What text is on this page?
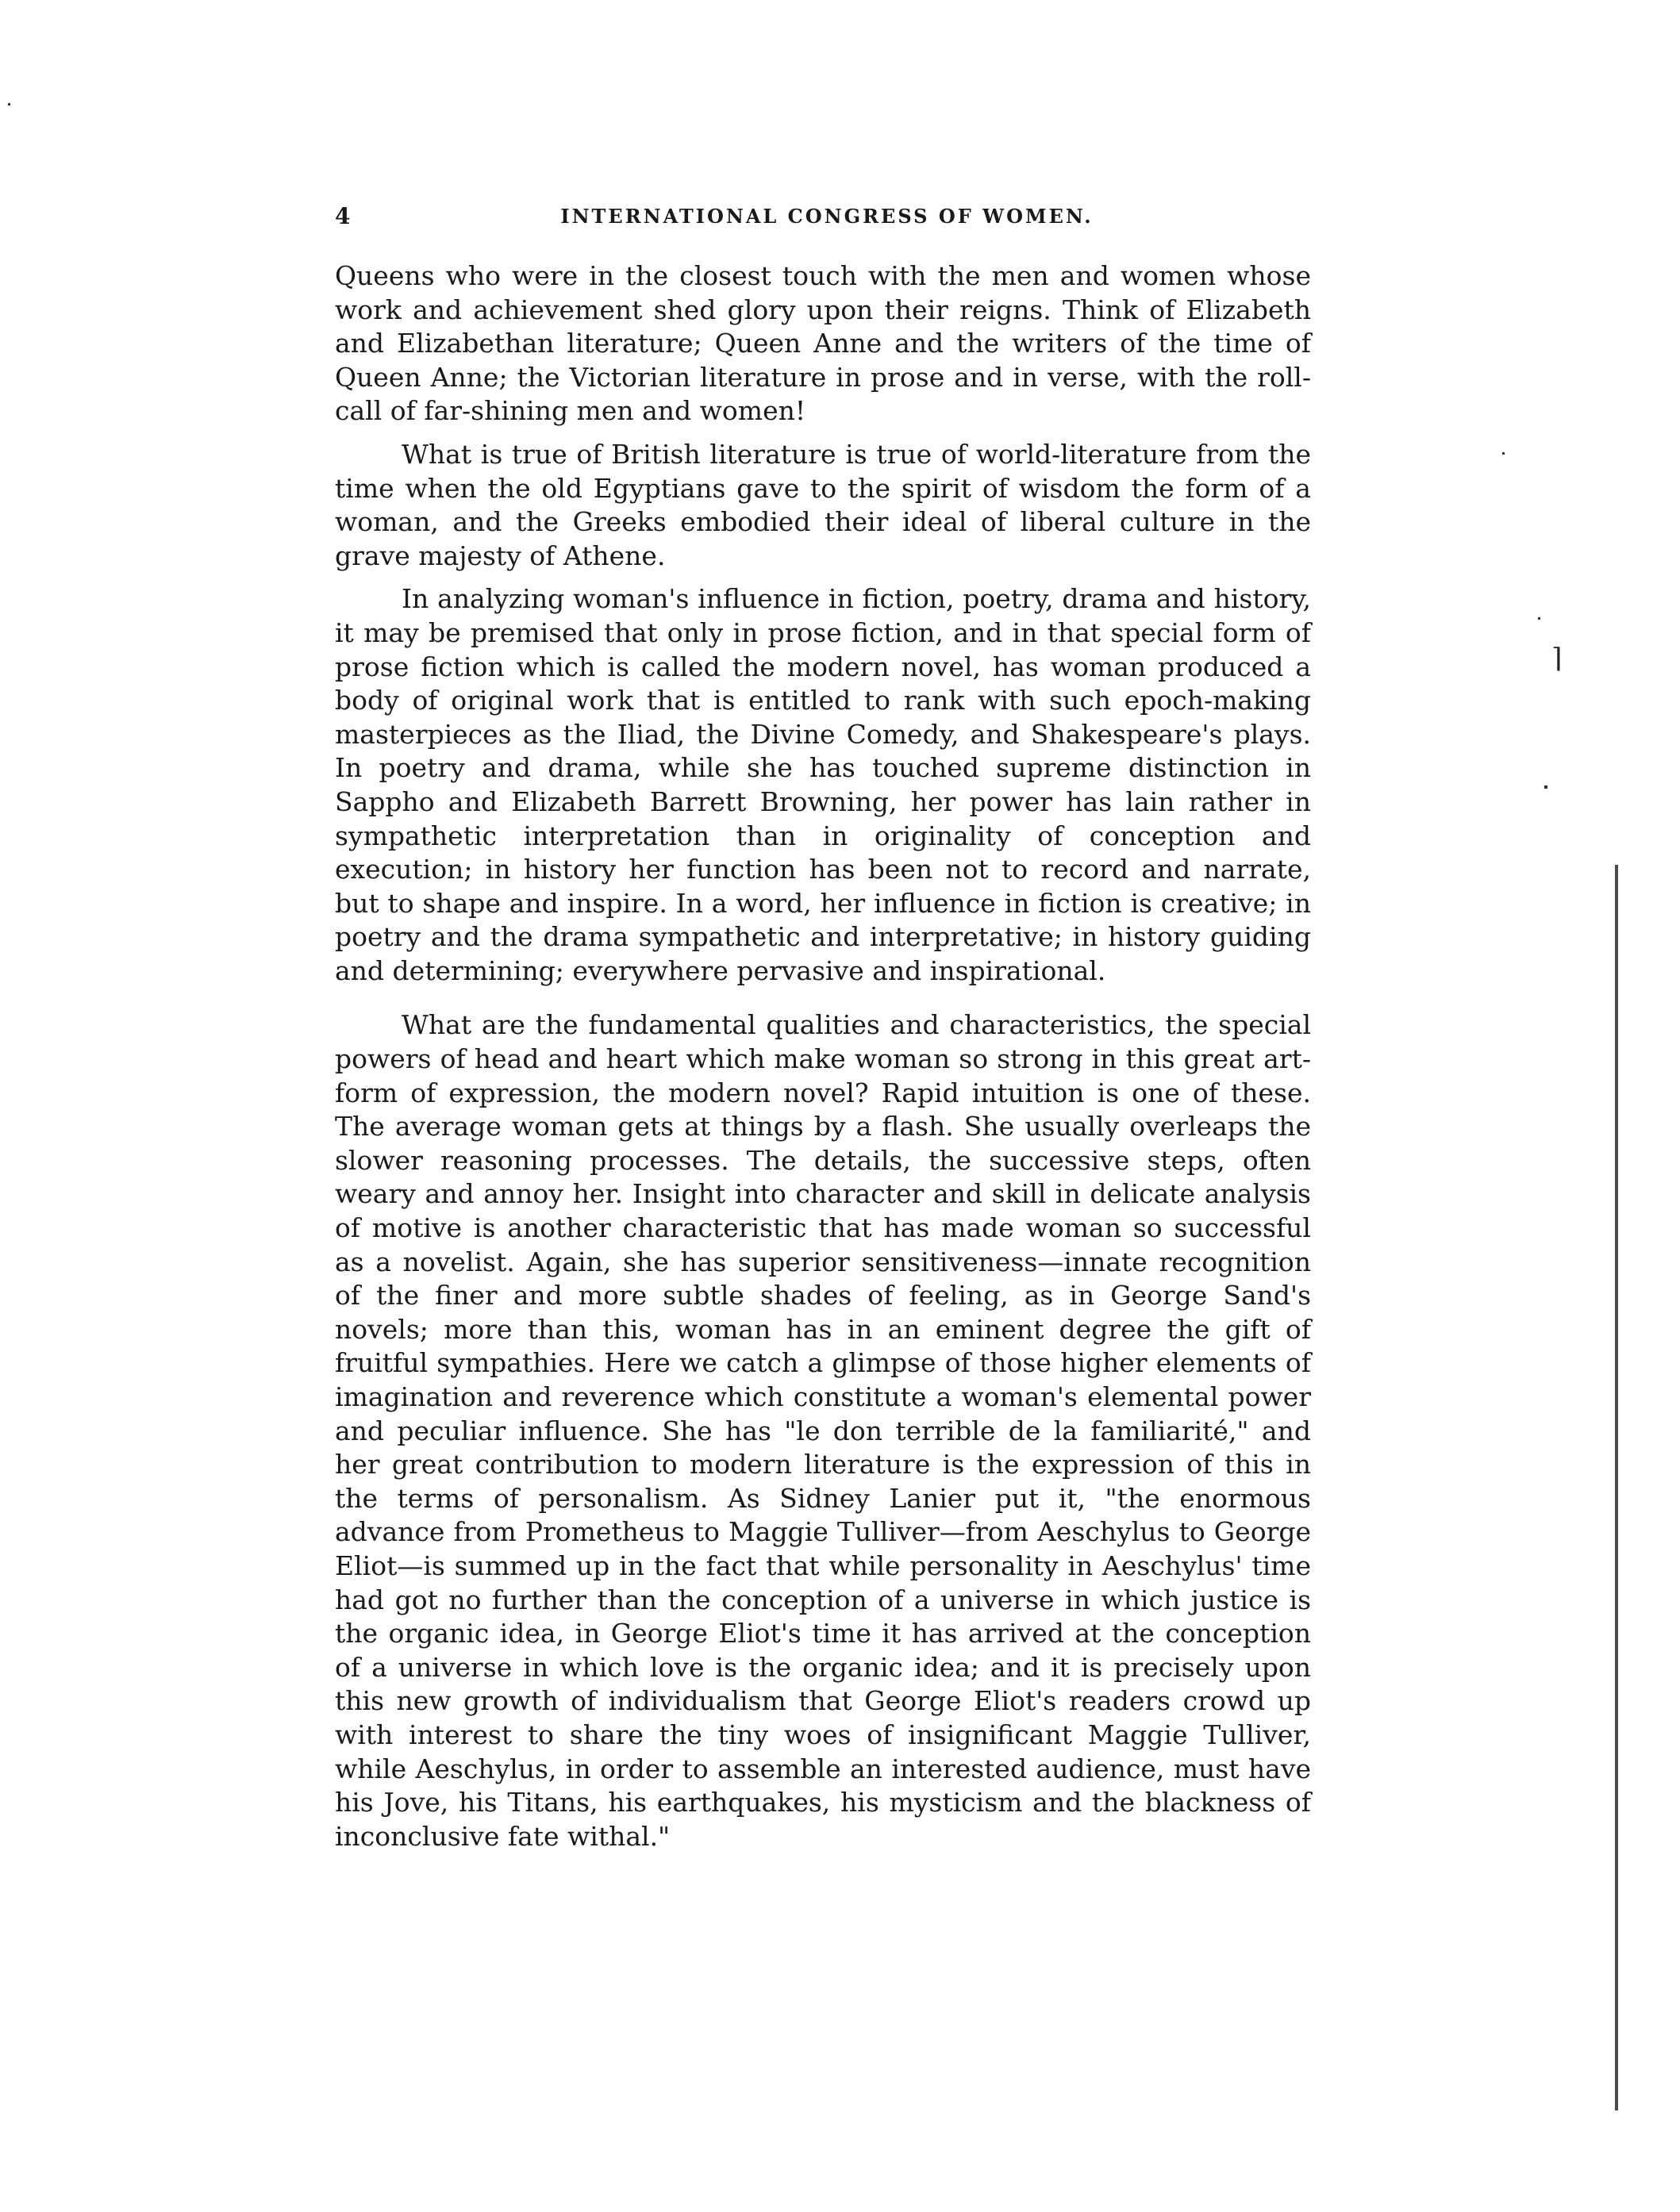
4	INTERNATIONAL CONGRESS OF WOMEN.

Queens who were in the closest touch with the men and women whose work and achievement shed glory upon their reigns. Think of Elizabeth and Elizabethan literature; Queen Anne and the writers of the time of Queen Anne; the Victorian literature in prose and in verse, with the roll-call of far-shining men and women!

What is true of British literature is true of world-literature from the time when the old Egyptians gave to the spirit of wisdom the form of a woman, and the Greeks embodied their ideal of liberal culture in the grave majesty of Athene.

In analyzing woman's influence in fiction, poetry, drama and history, it may be premised that only in prose fiction, and in that special form of prose fiction which is called the modern novel, has woman produced a body of original work that is entitled to rank with such epoch-making masterpieces as the Iliad, the Divine Comedy, and Shakespeare's plays. In poetry and drama, while she has touched supreme distinction in Sappho and Elizabeth Barrett Browning, her power has lain rather in sympathetic interpretation than in originality of conception and execution; in history her function has been not to record and narrate, but to shape and inspire. In a word, her influence in fiction is creative; in poetry and the drama sympathetic and interpretative; in history guiding and determining; everywhere pervasive and inspirational.

What are the fundamental qualities and characteristics, the special powers of head and heart which make woman so strong in this great art-form of expression, the modern novel? Rapid intuition is one of these. The average woman gets at things by a flash. She usually overleaps the slower reasoning processes. The details, the successive steps, often weary and annoy her. Insight into character and skill in delicate analysis of motive is another characteristic that has made woman so successful as a novelist. Again, she has superior sensitiveness—innate recognition of the finer and more subtle shades of feeling, as in George Sand's novels; more than this, woman has in an eminent degree the gift of fruitful sympathies. Here we catch a glimpse of those higher elements of imagination and reverence which constitute a woman's elemental power and peculiar influence. She has "le don terrible de la familiarité," and her great contribution to modern literature is the expression of this in the terms of personalism. As Sidney Lanier put it, "the enormous advance from Prometheus to Maggie Tulliver—from Aeschylus to George Eliot—is summed up in the fact that while personality in Aeschylus' time had got no further than the conception of a universe in which justice is the organic idea, in George Eliot's time it has arrived at the conception of a universe in which love is the organic idea; and it is precisely upon this new growth of individualism that George Eliot's readers crowd up with interest to share the tiny woes of insignificant Maggie Tulliver, while Aeschylus, in order to assemble an interested audience, must have his Jove, his Titans, his earthquakes, his mysticism and the blackness of inconclusive fate withal."

⌉
